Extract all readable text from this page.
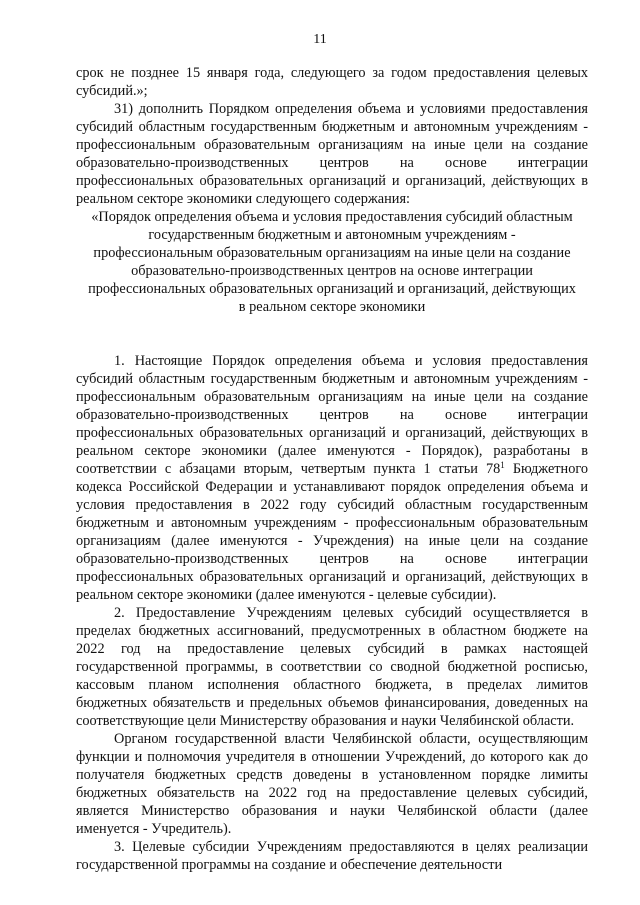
11

срок не позднее 15 января года, следующего за годом предоставления целевых субсидий.»;

31) дополнить Порядком определения объема и условиями предоставления субсидий областным государственным бюджетным и автономным учреждениям - профессиональным образовательным организациям на иные цели на создание образовательно-производственных центров на основе интеграции профессиональных образовательных организаций и организаций, действующих в реальном секторе экономики следующего содержания:

«Порядок определения объема и условия предоставления субсидий областным
государственным бюджетным и автономным учреждениям -
профессиональным образовательным организациям на иные цели на создание
образовательно-производственных центров на основе интеграции
профессиональных образовательных организаций и организаций, действующих
в реальном секторе экономики

1. Настоящие Порядок определения объема и условия предоставления субсидий областным государственным бюджетным и автономным учреждениям - профессиональным образовательным организациям на иные цели на создание образовательно-производственных центров на основе интеграции профессиональных образовательных организаций и организаций, действующих в реальном секторе экономики (далее именуются - Порядок), разработаны в соответствии с абзацами вторым, четвертым пункта 1 статьи $78^1$ Бюджетного кодекса Российской Федерации и устанавливают порядок определения объема и условия предоставления в 2022 году субсидий областным государственным бюджетным и автономным учреждениям - профессиональным образовательным организациям (далее именуются - Учреждения) на иные цели на создание образовательно-производственных центров на основе интеграции профессиональных образовательных организаций и организаций, действующих в реальном секторе экономики (далее именуются - целевые субсидии).

2. Предоставление Учреждениям целевых субсидий осуществляется в пределах бюджетных ассигнований, предусмотренных в областном бюджете на 2022 год на предоставление целевых субсидий в рамках настоящей государственной программы, в соответствии со сводной бюджетной росписью, кассовым планом исполнения областного бюджета, в пределах лимитов бюджетных обязательств и предельных объемов финансирования, доведенных на соответствующие цели Министерству образования и науки Челябинской области.

Органом государственной власти Челябинской области, осуществляющим функции и полномочия учредителя в отношении Учреждений, до которого как до получателя бюджетных средств доведены в установленном порядке лимиты бюджетных обязательств на 2022 год на предоставление целевых субсидий, является Министерство образования и науки Челябинской области (далее именуется - Учредитель).

3. Целевые субсидии Учреждениям предоставляются в целях реализации государственной программы на создание и обеспечение деятельности
